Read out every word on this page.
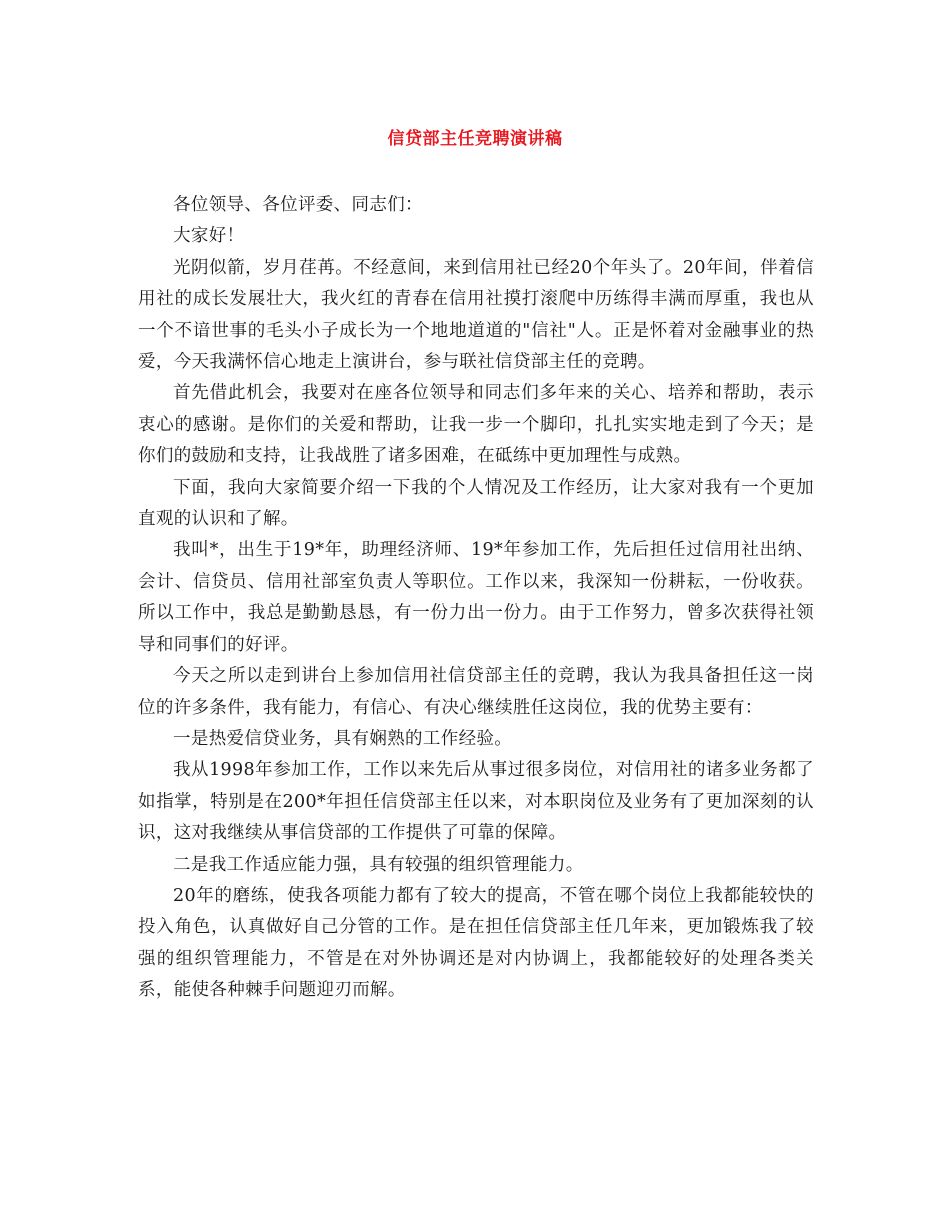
信贷部主任竞聘演讲稿

各位领导、各位评委、同志们：

大家好！

光阴似箭，岁月荏苒。不经意间，来到信用社已经20个年头了。20年间，伴着信用社的成长发展壮大，我火红的青春在信用社摸打滚爬中历练得丰满而厚重，我也从一个不谙世事的毛头小子成长为一个地地道道的"信社"人。正是怀着对金融事业的热爱，今天我满怀信心地走上演讲台，参与联社信贷部主任的竞聘。

首先借此机会，我要对在座各位领导和同志们多年来的关心、培养和帮助，表示衷心的感谢。是你们的关爱和帮助，让我一步一个脚印，扎扎实实地走到了今天；是你们的鼓励和支持，让我战胜了诸多困难，在砥练中更加理性与成熟。

下面，我向大家简要介绍一下我的个人情况及工作经历，让大家对我有一个更加直观的认识和了解。

我叫*，出生于19*年，助理经济师、19*年参加工作，先后担任过信用社出纳、会计、信贷员、信用社部室负责人等职位。工作以来，我深知一份耕耘，一份收获。所以工作中，我总是勤勤恳恳，有一份力出一份力。由于工作努力，曾多次获得社领导和同事们的好评。

今天之所以走到讲台上参加信用社信贷部主任的竞聘，我认为我具备担任这一岗位的许多条件，我有能力，有信心、有决心继续胜任这岗位，我的优势主要有：

一是热爱信贷业务，具有娴熟的工作经验。

我从1998年参加工作，工作以来先后从事过很多岗位，对信用社的诸多业务都了如指掌，特别是在200*年担任信贷部主任以来，对本职岗位及业务有了更加深刻的认识，这对我继续从事信贷部的工作提供了可靠的保障。

二是我工作适应能力强，具有较强的组织管理能力。

20年的磨练，使我各项能力都有了较大的提高，不管在哪个岗位上我都能较快的投入角色，认真做好自己分管的工作。是在担任信贷部主任几年来，更加锻炼我了较强的组织管理能力，不管是在对外协调还是对内协调上，我都能较好的处理各类关系，能使各种棘手问题迎刃而解。
